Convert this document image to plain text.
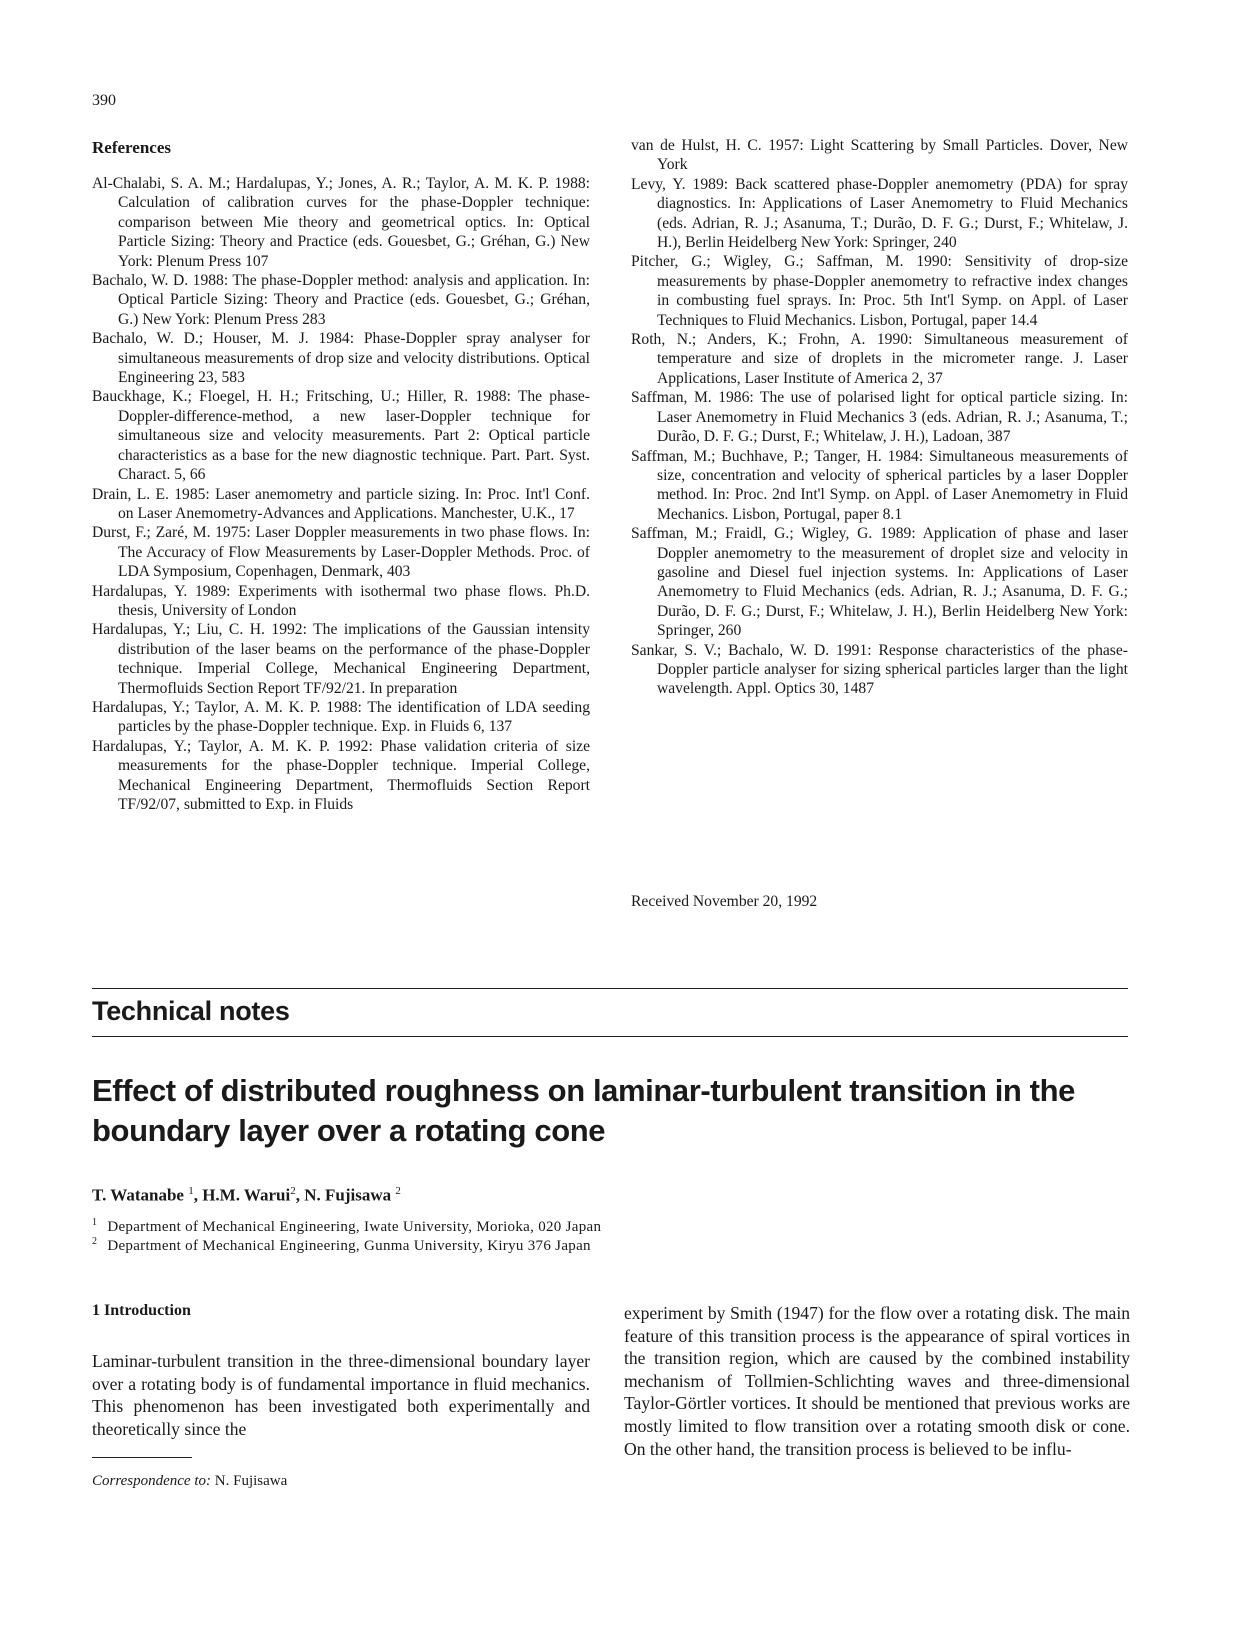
390
References

Al-Chalabi, S. A. M.; Hardalupas, Y.; Jones, A. R.; Taylor, A. M. K. P. 1988: Calculation of calibration curves for the phase-Doppler technique: comparison between Mie theory and geometrical optics. In: Optical Particle Sizing: Theory and Practice (eds. Gouesbet, G.; Gréhan, G.) New York: Plenum Press 107

Bachalo, W. D. 1988: The phase-Doppler method: analysis and application. In: Optical Particle Sizing: Theory and Practice (eds. Gouesbet, G.; Gréhan, G.) New York: Plenum Press 283

Bachalo, W. D.; Houser, M. J. 1984: Phase-Doppler spray analyser for simultaneous measurements of drop size and velocity distributions. Optical Engineering 23, 583

Bauckhage, K.; Floegel, H. H.; Fritsching, U.; Hiller, R. 1988: The phase-Doppler-difference-method, a new laser-Doppler technique for simultaneous size and velocity measurements. Part 2: Optical particle characteristics as a base for the new diagnostic technique. Part. Part. Syst. Charact. 5, 66

Drain, L. E. 1985: Laser anemometry and particle sizing. In: Proc. Int'l Conf. on Laser Anemometry-Advances and Applications. Manchester, U.K., 17

Durst, F.; Zaré, M. 1975: Laser Doppler measurements in two phase flows. In: The Accuracy of Flow Measurements by Laser-Doppler Methods. Proc. of LDA Symposium, Copenhagen, Denmark, 403

Hardalupas, Y. 1989: Experiments with isothermal two phase flows. Ph.D. thesis, University of London

Hardalupas, Y.; Liu, C. H. 1992: The implications of the Gaussian intensity distribution of the laser beams on the performance of the phase-Doppler technique. Imperial College, Mechanical Engineering Department, Thermofluids Section Report TF/92/21. In preparation

Hardalupas, Y.; Taylor, A. M. K. P. 1988: The identification of LDA seeding particles by the phase-Doppler technique. Exp. in Fluids 6, 137

Hardalupas, Y.; Taylor, A. M. K. P. 1992: Phase validation criteria of size measurements for the phase-Doppler technique. Imperial College, Mechanical Engineering Department, Thermofluids Section Report TF/92/07, submitted to Exp. in Fluids

van de Hulst, H. C. 1957: Light Scattering by Small Particles. Dover, New York

Levy, Y. 1989: Back scattered phase-Doppler anemometry (PDA) for spray diagnostics. In: Applications of Laser Anemometry to Fluid Mechanics (eds. Adrian, R. J.; Asanuma, T.; Durão, D. F. G.; Durst, F.; Whitelaw, J. H.), Berlin Heidelberg New York: Springer, 240

Pitcher, G.; Wigley, G.; Saffman, M. 1990: Sensitivity of drop-size measurements by phase-Doppler anemometry to refractive index changes in combusting fuel sprays. In: Proc. 5th Int'l Symp. on Appl. of Laser Techniques to Fluid Mechanics. Lisbon, Portugal, paper 14.4

Roth, N.; Anders, K.; Frohn, A. 1990: Simultaneous measurement of temperature and size of droplets in the micrometer range. J. Laser Applications, Laser Institute of America 2, 37

Saffman, M. 1986: The use of polarised light for optical particle sizing. In: Laser Anemometry in Fluid Mechanics 3 (eds. Adrian, R. J.; Asanuma, T.; Durão, D. F. G.; Durst, F.; Whitelaw, J. H.), Ladoan, 387

Saffman, M.; Buchhave, P.; Tanger, H. 1984: Simultaneous measurements of size, concentration and velocity of spherical particles by a laser Doppler method. In: Proc. 2nd Int'l Symp. on Appl. of Laser Anemometry in Fluid Mechanics. Lisbon, Portugal, paper 8.1

Saffman, M.; Fraidl, G.; Wigley, G. 1989: Application of phase and laser Doppler anemometry to the measurement of droplet size and velocity in gasoline and Diesel fuel injection systems. In: Applications of Laser Anemometry to Fluid Mechanics (eds. Adrian, R. J.; Asanuma, D. F. G.; Durão, D. F. G.; Durst, F.; Whitelaw, J. H.), Berlin Heidelberg New York: Springer, 260

Sankar, S. V.; Bachalo, W. D. 1991: Response characteristics of the phase-Doppler particle analyser for sizing spherical particles larger than the light wavelength. Appl. Optics 30, 1487

Received November 20, 1992
Technical notes
Effect of distributed roughness on laminar-turbulent transition in the boundary layer over a rotating cone
T. Watanabe $^1$, H.M. Warui$^2$, N. Fujisawa $^2$
$^1$ Department of Mechanical Engineering, Iwate University, Morioka, 020 Japan
$^2$ Department of Mechanical Engineering, Gunma University, Kiryu 376 Japan
1 Introduction

Laminar-turbulent transition in the three-dimensional boundary layer over a rotating body is of fundamental importance in fluid mechanics. This phenomenon has been investigated both experimentally and theoretically since the

experiment by Smith (1947) for the flow over a rotating disk. The main feature of this transition process is the appearance of spiral vortices in the transition region, which are caused by the combined instability mechanism of Tollmien-Schlichting waves and three-dimensional Taylor-Görtler vortices. It should be mentioned that previous works are mostly limited to flow transition over a rotating smooth disk or cone. On the other hand, the transition process is believed to be influ-

Correspondence to: N. Fujisawa
